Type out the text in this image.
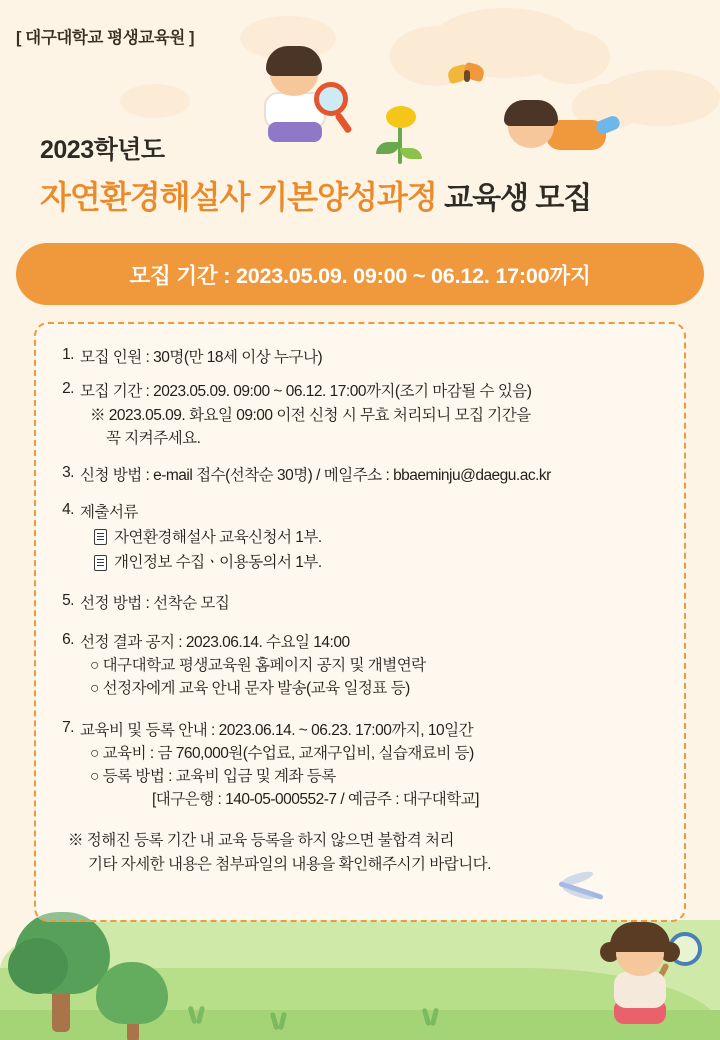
[ 대구대학교 평생교육원 ]
2023학년도
자연환경해설사 기본양성과정 교육생 모집
모집 기간 : 2023.05.09. 09:00 ~ 06.12. 17:00까지
1. 모집 인원 : 30명(만 18세 이상 누구나)
2. 모집 기간 : 2023.05.09. 09:00 ~ 06.12. 17:00까지(조기 마감될 수 있음)
※ 2023.05.09. 화요일 09:00 이전 신청 시 무효 처리되니 모집 기간을
꼭 지켜주세요.
3. 신청 방법 : e-mail 접수(선착순 30명) / 메일주소 : bbaeminju@daegu.ac.kr
4. 제출서류
자연환경해설사 교육신청서 1부.
개인정보 수집ㆍ이용동의서 1부.
5. 선정 방법 : 선착순 모집
6. 선정 결과 공지 : 2023.06.14. 수요일 14:00
○ 대구대학교 평생교육원 홈페이지 공지 및 개별연락
○ 선정자에게 교육 안내 문자 발송(교육 일정표 등)
7. 교육비 및 등록 안내 : 2023.06.14. ~ 06.23. 17:00까지, 10일간
○ 교육비 : 금 760,000원(수업료, 교재구입비, 실습재료비 등)
○ 등록 방법 : 교육비 입금 및 계좌 등록
[대구은행 : 140-05-000552-7 / 예금주 : 대구대학교]
※ 정해진 등록 기간 내 교육 등록을 하지 않으면 불합격 처리
기타 자세한 내용은 첨부파일의 내용을 확인해주시기 바랍니다.
